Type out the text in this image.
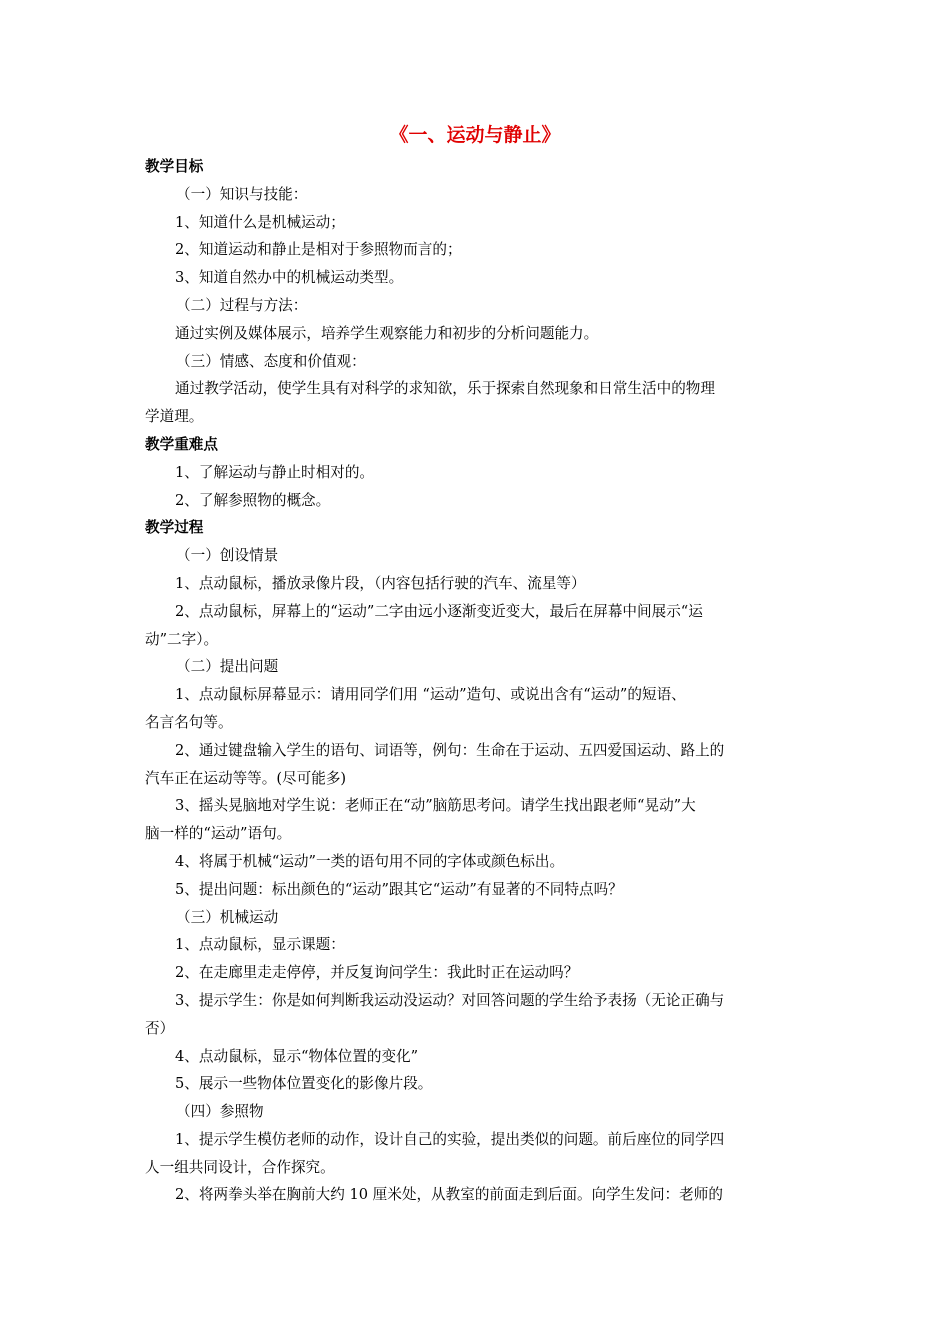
《一、运动与静止》
教学目标
（一）知识与技能：
1、知道什么是机械运动；
2、知道运动和静止是相对于参照物而言的；
3、知道自然办中的机械运动类型。
（二）过程与方法：
通过实例及媒体展示，培养学生观察能力和初步的分析问题能力。
（三）情感、态度和价值观：
通过教学活动，使学生具有对科学的求知欲，乐于探索自然现象和日常生活中的物理
学道理。
教学重难点
1、了解运动与静止时相对的。
2、了解参照物的概念。
教学过程
（一）创设情景
1、点动鼠标，播放录像片段，（内容包括行驶的汽车、流星等）
2、点动鼠标，屏幕上的“运动”二字由远小逐渐变近变大，最后在屏幕中间展示“运
动”二字）。
（二）提出问题
1、点动鼠标屏幕显示：请用同学们用 “运动”造句、或说出含有“运动”的短语、
名言名句等。
2、通过键盘输入学生的语句、词语等，例句：生命在于运动、五四爱国运动、路上的
汽车正在运动等等。(尽可能多)
3、摇头晃脑地对学生说：老师正在“动”脑筋思考问。请学生找出跟老师“晃动”大
脑一样的“运动”语句。
4、将属于机械“运动”一类的语句用不同的字体或颜色标出。
5、提出问题：标出颜色的“运动”跟其它“运动”有显著的不同特点吗？
（三）机械运动
1、点动鼠标，显示课题：
2、在走廊里走走停停，并反复询问学生：我此时正在运动吗？
3、提示学生：你是如何判断我运动没运动？对回答问题的学生给予表扬（无论正确与
否）
4、点动鼠标，显示“物体位置的变化”
5、展示一些物体位置变化的影像片段。
（四）参照物
1、提示学生模仿老师的动作，设计自己的实验，提出类似的问题。前后座位的同学四
人一组共同设计，合作探究。
2、将两拳头举在胸前大约 10 厘米处，从教室的前面走到后面。向学生发问：老师的
